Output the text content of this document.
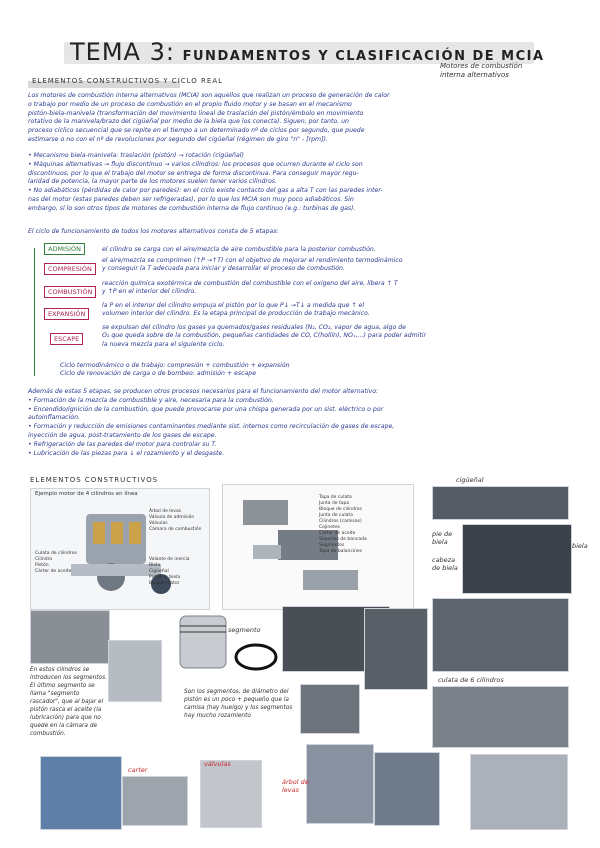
TEMA 3: FUNDAMENTOS Y CLASIFICACIÓN DE MCIA
Motores de combustión
interna alternativos
ELEMENTOS CONSTRUCTIVOS Y CICLO REAL
Los motores de combustión interna alternativos (MCIA) son aquellos que realizan un proceso de generación de calor
o trabajo por medio de un proceso de combustión en el propio fluido motor y se basan en el mecanismo
pistón-biela-manivela (transformación del movimiento lineal de traslación del pistón/émbolo en movimiento
rotativo de la manivela/brazo del cigüeñal por medio de la biela que los conecta). Siguen, por tanto, un
proceso cíclico secuencial que se repite en el tiempo a un determinado nº de ciclos por segundo, que puede
estimarse o no con el nº de revoluciones por segundo del cigüeñal (régimen de giro "n" - [rpm]).
• Mecanismo biela-manivela: traslación (pistón) → rotación (cigüeñal)
• Máquinas alternativas → flujo discontinuo → varios cilindros: los procesos que ocurren durante el ciclo son
discontinuos, por lo que el trabajo del motor se entrega de forma discontinua. Para conseguir mayor regu-
laridad de potencia, la mayor parte de los motores suelen tener varios cilindros.
• No adiabáticos (pérdidas de calor por paredes): en el ciclo existe contacto del gas a alta T con las paredes inter-
nas del motor (estas paredes deben ser refrigeradas), por lo que los MCIA son muy poco adiabáticos. Sin
embargo, sí lo son otros tipos de motores de combustión interna de flujo continuo (e.g.: turbinas de gas).
El ciclo de funcionamiento de todos los motores alternativos consta de 5 etapas:
ADMISIÓN	el cilindro se carga con el aire/mezcla de aire combustible para la posterior combustión.
COMPRESIÓN
el aire/mezcla se comprimen (↑P →↑T) con el objetivo de mejorar el rendimiento termodinámico
y conseguir la T adecuada para iniciar y desarrollar el proceso de combustión.
COMBUSTIÓN
reacción química exotérmica de combustión del combustible con el oxígeno del aire, libera ↑ T
y ↑P en el interior del cilindro.
EXPANSIÓN
la P en el interior del cilindro empuja el pistón por lo que P↓ →T↓ a medida que ↑ el
volumen interior del cilindro. Es la etapa principal de producción de trabajo mecánico.
ESCAPE
se expulsan del cilindro los gases ya quemados/gases residuales (N₂, CO₂, vapor de agua, algo de
O₂ que queda sobre de la combustión, pequeñas cantidades de CO, C(hollín), NOₓ,...) para poder admitir
la nueva mezcla para el siguiente ciclo.
Ciclo termodinámico o de trabajo: compresión + combustión + expansión
Ciclo de renovación de carga o de bombeo: admisión + escape
Además de estas 5 etapas, se producen otros procesos necesarios para el funcionamiento del motor alternativo:
• Formación de la mezcla de combustible y aire, necesaria para la combustión.
• Encendido/ignición de la combustión, que puede provocarse por una chispa generada por un sist. eléctrico o por
autoinflamación.
• Formación y reducción de emisiones contaminantes mediante sist. internos como recirculación de gases de escape,
inyección de agua, post-tratamiento de los gases de escape.
• Refrigeración de las paredes del motor para controlar su T.
• Lubricación de las piezas para ↓ el rozamiento y el desgaste.
ELEMENTOS CONSTRUCTIVOS
Ejemplo motor de 4 cilindros en línea
Árbol de levas
Válvula de admisión
Válvulas
Cámara de combustión
Culata de cilindros
Cilindro
Pistón
Cárter de aceite
Volante de inercia
Biela
Cigüeñal
Pistón + biela
Bloque motor
Tapa de culata
Junta de tapa
Bloque de cilindros
Junta de culata
Cilindros (camisas)
Cojinetes
Carter de aceite
Soportes de bancada
Segmentos
Tapa de balancines
cigüeñal
pie de biela
cabeza de biela
biela
En estos cilindros se introducen los segmentos. El último segmento se llama "segmento rascador", que al bajar el pistón rasca el aceite (la lubricación) para que no quede en la cámara de combustión.
segmento
Son los segmentos, de diámetro del pistón es un poco + pequeño que la camisa (hay huelgo) y los segmentos hay mucho rozamiento
culata de 6 cilindros
carter
válvulas
árbol de levas
